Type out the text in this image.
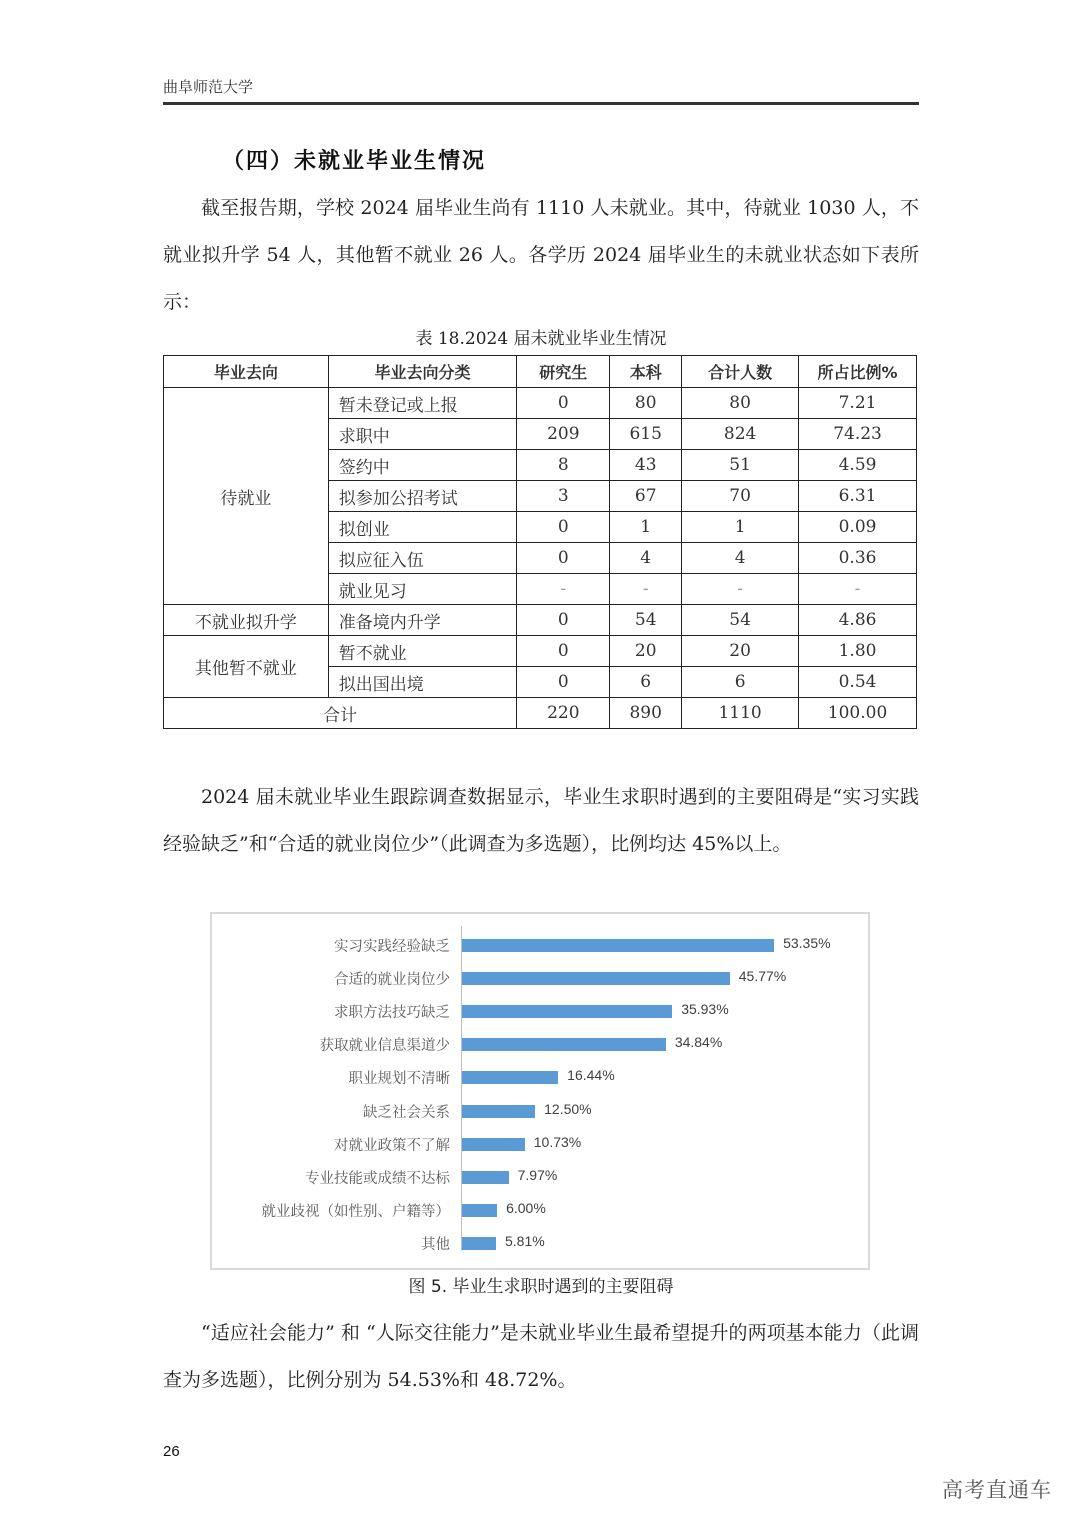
曲阜师范大学
（四）未就业毕业生情况
截至报告期，学校 2024 届毕业生尚有 1110 人未就业。其中，待就业 1030 人，不就业拟升学 54 人，其他暂不就业 26 人。各学历 2024 届毕业生的未就业状态如下表所示：
表 18.2024 届未就业毕业生情况
毕业去向	毕业去向分类	研究生	本科	合计人数	所占比例%
待就业	暂未登记或上报	0	80	80	7.21
	求职中	209	615	824	74.23
	签约中	8	43	51	4.59
	拟参加公招考试	3	67	70	6.31
	拟创业	0	1	1	0.09
	拟应征入伍	0	4	4	0.36
	就业见习	-	-	-	-
不就业拟升学	准备境内升学	0	54	54	4.86
其他暂不就业	暂不就业	0	20	20	1.80
	拟出国出境	0	6	6	0.54
合计		220	890	1110	100.00
2024 届未就业毕业生跟踪调查数据显示，毕业生求职时遇到的主要阻碍是“实习实践经验缺乏”和“合适的就业岗位少”（此调查为多选题），比例均达 45%以上。
实习实践经验缺乏	53.35%
合适的就业岗位少	45.77%
求职方法技巧缺乏	35.93%
获取就业信息渠道少	34.84%
职业规划不清晰	16.44%
缺乏社会关系	12.50%
对就业政策不了解	10.73%
专业技能或成绩不达标	7.97%
就业歧视（如性别、户籍等）	6.00%
其他	5.81%
图 5. 毕业生求职时遇到的主要阻碍
“适应社会能力” 和 “人际交往能力”是未就业毕业生最希望提升的两项基本能力（此调查为多选题），比例分别为 54.53%和 48.72%。
26
高考直通车
